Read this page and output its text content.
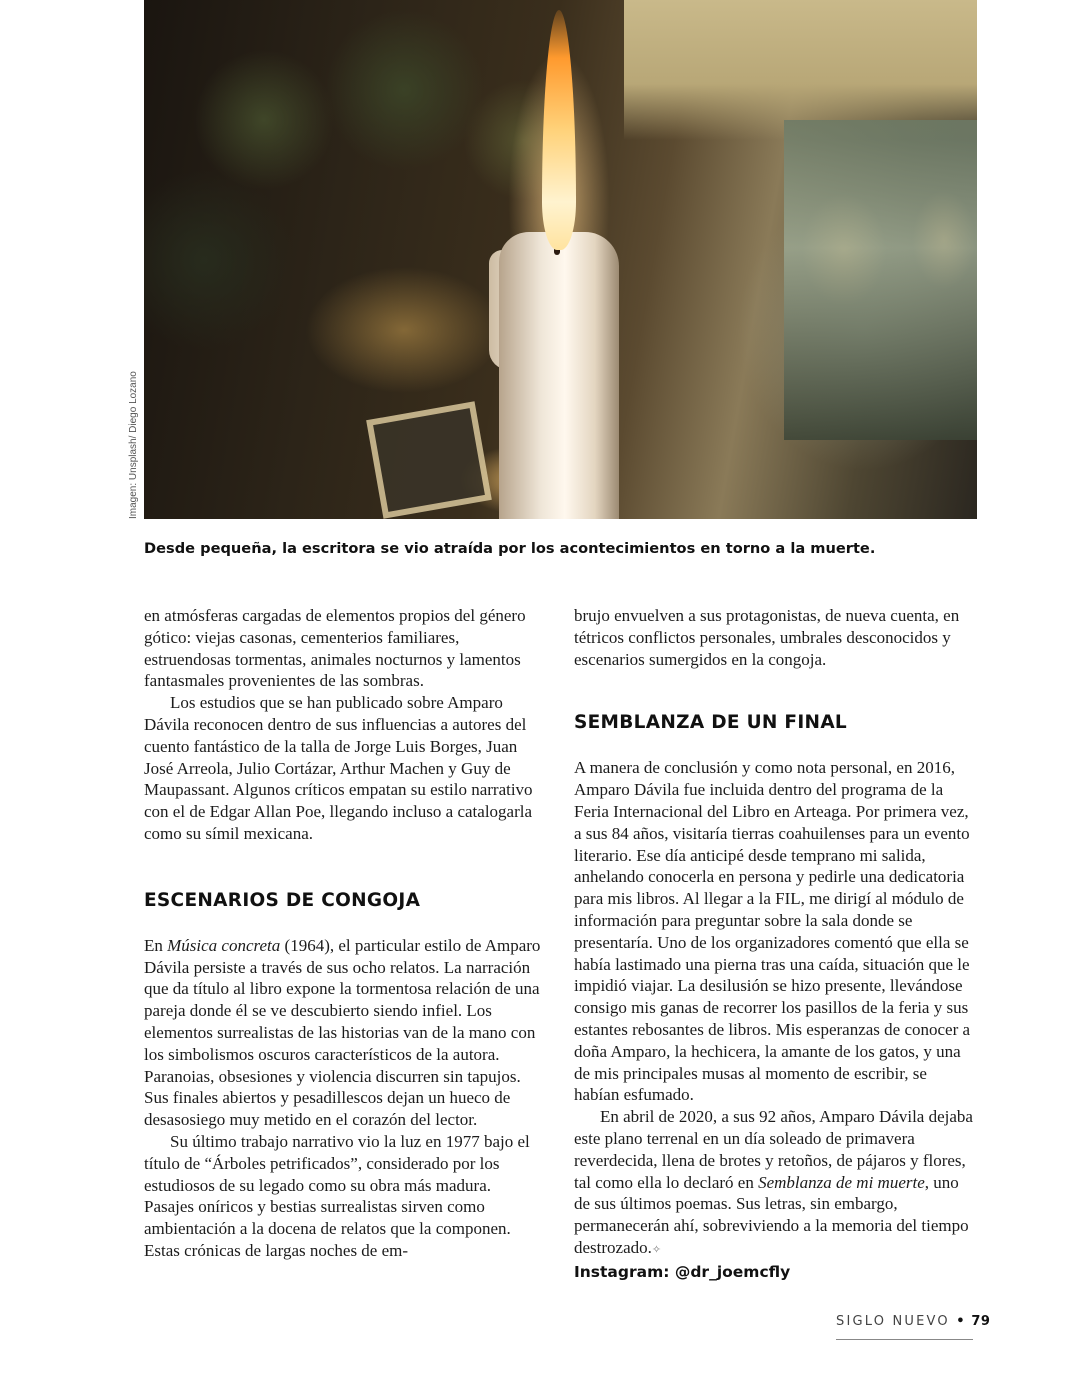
Imagen: Unsplash/ Diego Lozano
Desde pequeña, la escritora se vio atraída por los acontecimientos en torno a la muerte.

en atmósferas cargadas de elementos propios del género gótico: viejas casonas, cementerios familiares, estruendosas tormentas, animales nocturnos y lamentos fantasmales provenientes de las sombras.

Los estudios que se han publicado sobre Amparo Dávila reconocen dentro de sus influencias a autores del cuento fantástico de la talla de Jorge Luis Borges, Juan José Arreola, Julio Cortázar, Arthur Machen y Guy de Maupassant. Algunos críticos empatan su estilo narrativo con el de Edgar Allan Poe, llegando incluso a catalogarla como su símil mexicana.

ESCENARIOS DE CONGOJA

En Música concreta (1964), el particular estilo de Amparo Dávila persiste a través de sus ocho relatos. La narración que da título al libro expone la tormentosa relación de una pareja donde él se ve descubierto siendo infiel. Los elementos surrealistas de las historias van de la mano con los simbolismos oscuros característicos de la autora. Paranoias, obsesiones y violencia discurren sin tapujos. Sus finales abiertos y pesadillescos dejan un hueco de desasosiego muy metido en el corazón del lector.

Su último trabajo narrativo vio la luz en 1977 bajo el título de “Árboles petrificados”, considerado por los estudiosos de su legado como su obra más madura. Pasajes oníricos y bestias surrealistas sirven como ambientación a la docena de relatos que la componen. Estas crónicas de largas noches de em-

brujo envuelven a sus protagonistas, de nueva cuenta, en tétricos conflictos personales, umbrales desconocidos y escenarios sumergidos en la congoja.

SEMBLANZA DE UN FINAL

A manera de conclusión y como nota personal, en 2016, Amparo Dávila fue incluida dentro del programa de la Feria Internacional del Libro en Arteaga. Por primera vez, a sus 84 años, visitaría tierras coahuilenses para un evento literario. Ese día anticipé desde temprano mi salida, anhelando conocerla en persona y pedirle una dedicatoria para mis libros. Al llegar a la FIL, me dirigí al módulo de información para preguntar sobre la sala donde se presentaría. Uno de los organizadores comentó que ella se había lastimado una pierna tras una caída, situación que le impidió viajar. La desilusión se hizo presente, llevándose consigo mis ganas de recorrer los pasillos de la feria y sus estantes rebosantes de libros. Mis esperanzas de conocer a doña Amparo, la hechicera, la amante de los gatos, y una de mis principales musas al momento de escribir, se habían esfumado.

En abril de 2020, a sus 92 años, Amparo Dávila dejaba este plano terrenal en un día soleado de primavera reverdecida, llena de brotes y retoños, de pájaros y flores, tal como ella lo declaró en Semblanza de mi muerte, uno de sus últimos poemas. Sus letras, sin embargo, permanecerán ahí, sobreviviendo a la memoria del tiempo destrozado.✧

Instagram: @dr_joemcfly

SIGLO NUEVO • 79
